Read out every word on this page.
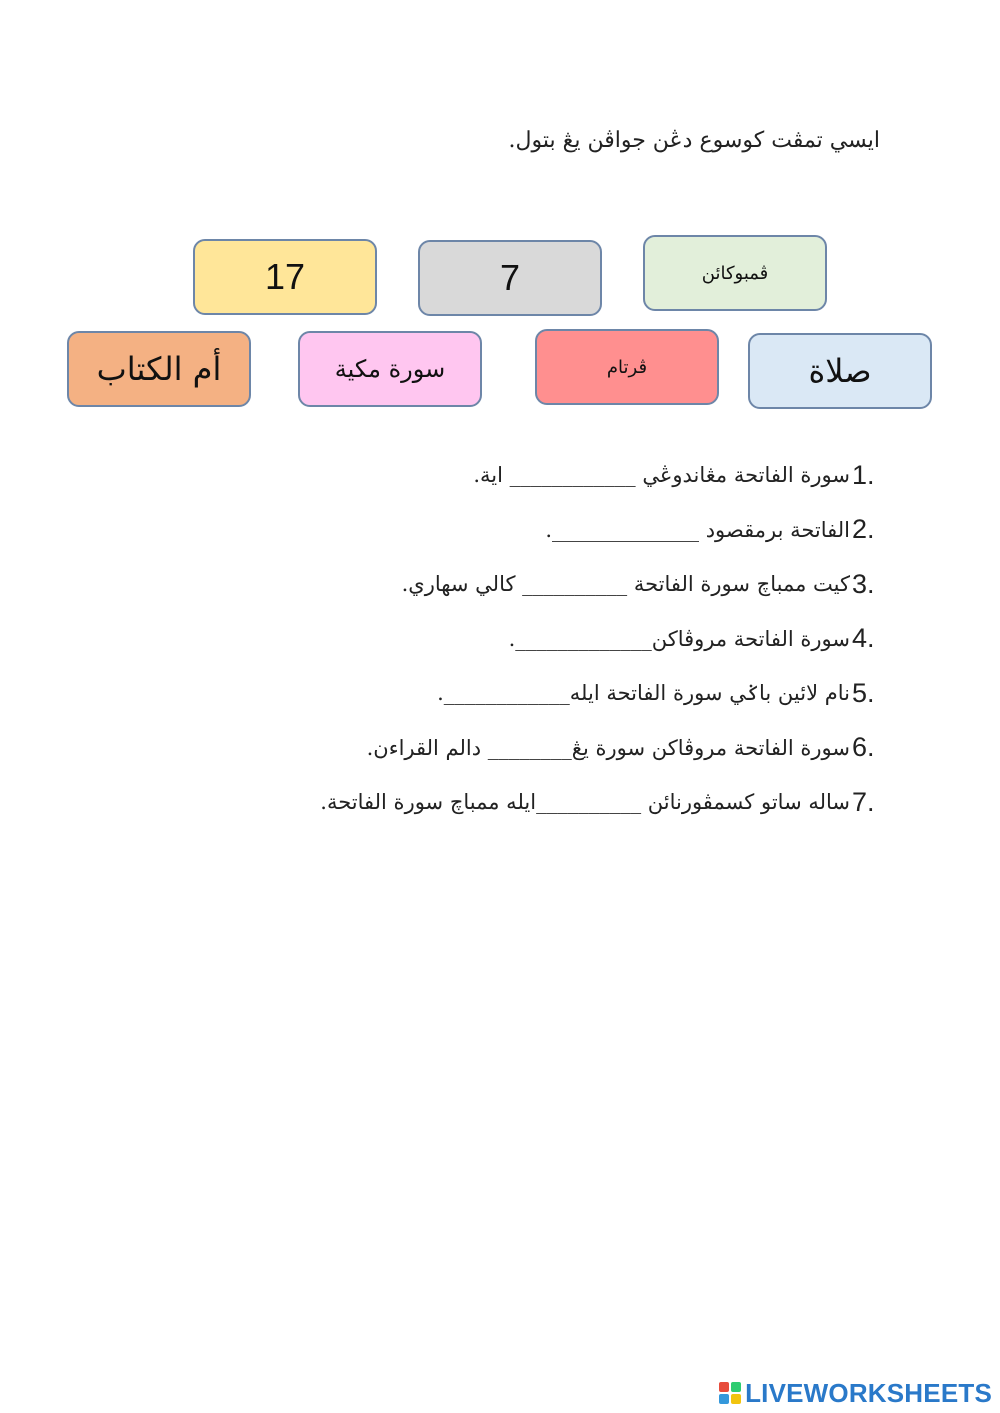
ايسي تمڤت كوسوع دڠن جواڤن يڠ بتول.
17	7	ڤمبوكائن
أم الكتاب	سورة مكية	ڤرتام	صلاة
1.
سورة الفاتحة مڠاندوڠي ____________ اية.
2.
الفاتحة برمقصود ______________.
3.
كيت ممباچ سورة الفاتحة __________ كالي سهاري.
4.
سورة الفاتحة مروڤاكن_____________.
5.
نام لائين باݢي سورة الفاتحة ايله____________.
6.
سورة الفاتحة مروڤاكن سورة يڠ________ دالم القراءن.
7.
ساله ساتو كسمڤورنائن __________ايله ممباچ سورة الفاتحة.
LIVEWORKSHEETS
